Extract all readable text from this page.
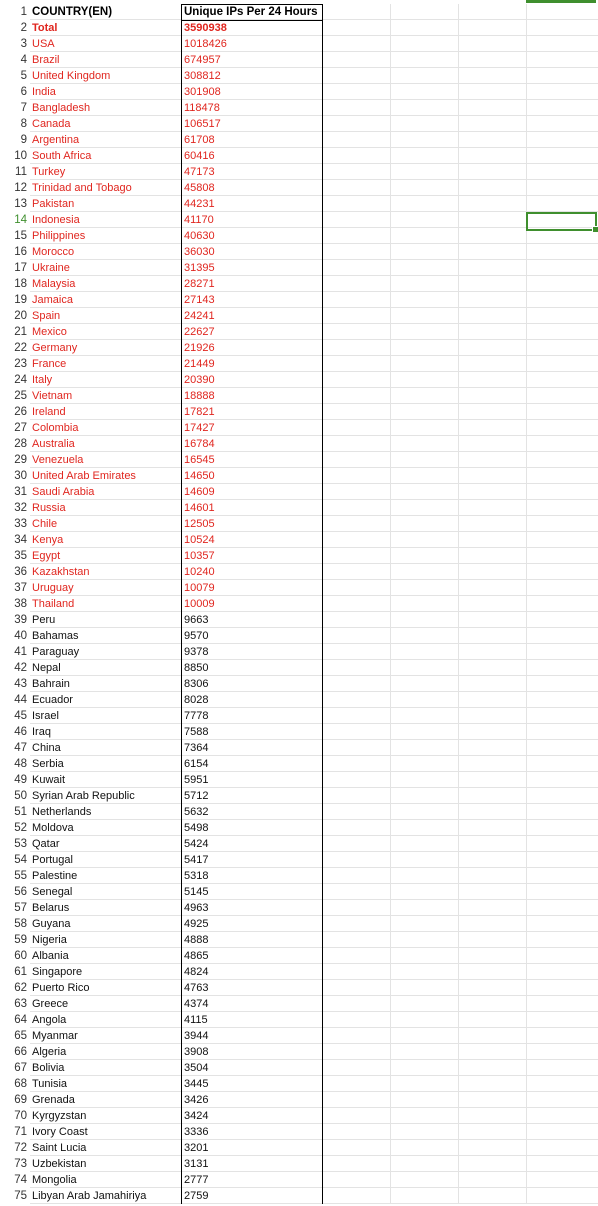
1 COUNTRY(EN)	Unique IPs Per 24 Hours
2 Total	3590938
3 USA	1018426
4 Brazil	674957
5 United Kingdom	308812
6 India	301908
7 Bangladesh	118478
8 Canada	106517
9 Argentina	61708
10 South Africa	60416
11 Turkey	47173
12 Trinidad and Tobago	45808
13 Pakistan	44231
14 Indonesia	41170
15 Philippines	40630
16 Morocco	36030
17 Ukraine	31395
18 Malaysia	28271
19 Jamaica	27143
20 Spain	24241
21 Mexico	22627
22 Germany	21926
23 France	21449
24 Italy	20390
25 Vietnam	18888
26 Ireland	17821
27 Colombia	17427
28 Australia	16784
29 Venezuela	16545
30 United Arab Emirates	14650
31 Saudi Arabia	14609
32 Russia	14601
33 Chile	12505
34 Kenya	10524
35 Egypt	10357
36 Kazakhstan	10240
37 Uruguay	10079
38 Thailand	10009
39 Peru	9663
40 Bahamas	9570
41 Paraguay	9378
42 Nepal	8850
43 Bahrain	8306
44 Ecuador	8028
45 Israel	7778
46 Iraq	7588
47 China	7364
48 Serbia	6154
49 Kuwait	5951
50 Syrian Arab Republic	5712
51 Netherlands	5632
52 Moldova	5498
53 Qatar	5424
54 Portugal	5417
55 Palestine	5318
56 Senegal	5145
57 Belarus	4963
58 Guyana	4925
59 Nigeria	4888
60 Albania	4865
61 Singapore	4824
62 Puerto Rico	4763
63 Greece	4374
64 Angola	4115
65 Myanmar	3944
66 Algeria	3908
67 Bolivia	3504
68 Tunisia	3445
69 Grenada	3426
70 Kyrgyzstan	3424
71 Ivory Coast	3336
72 Saint Lucia	3201
73 Uzbekistan	3131
74 Mongolia	2777
75 Libyan Arab Jamahiriya	2759
